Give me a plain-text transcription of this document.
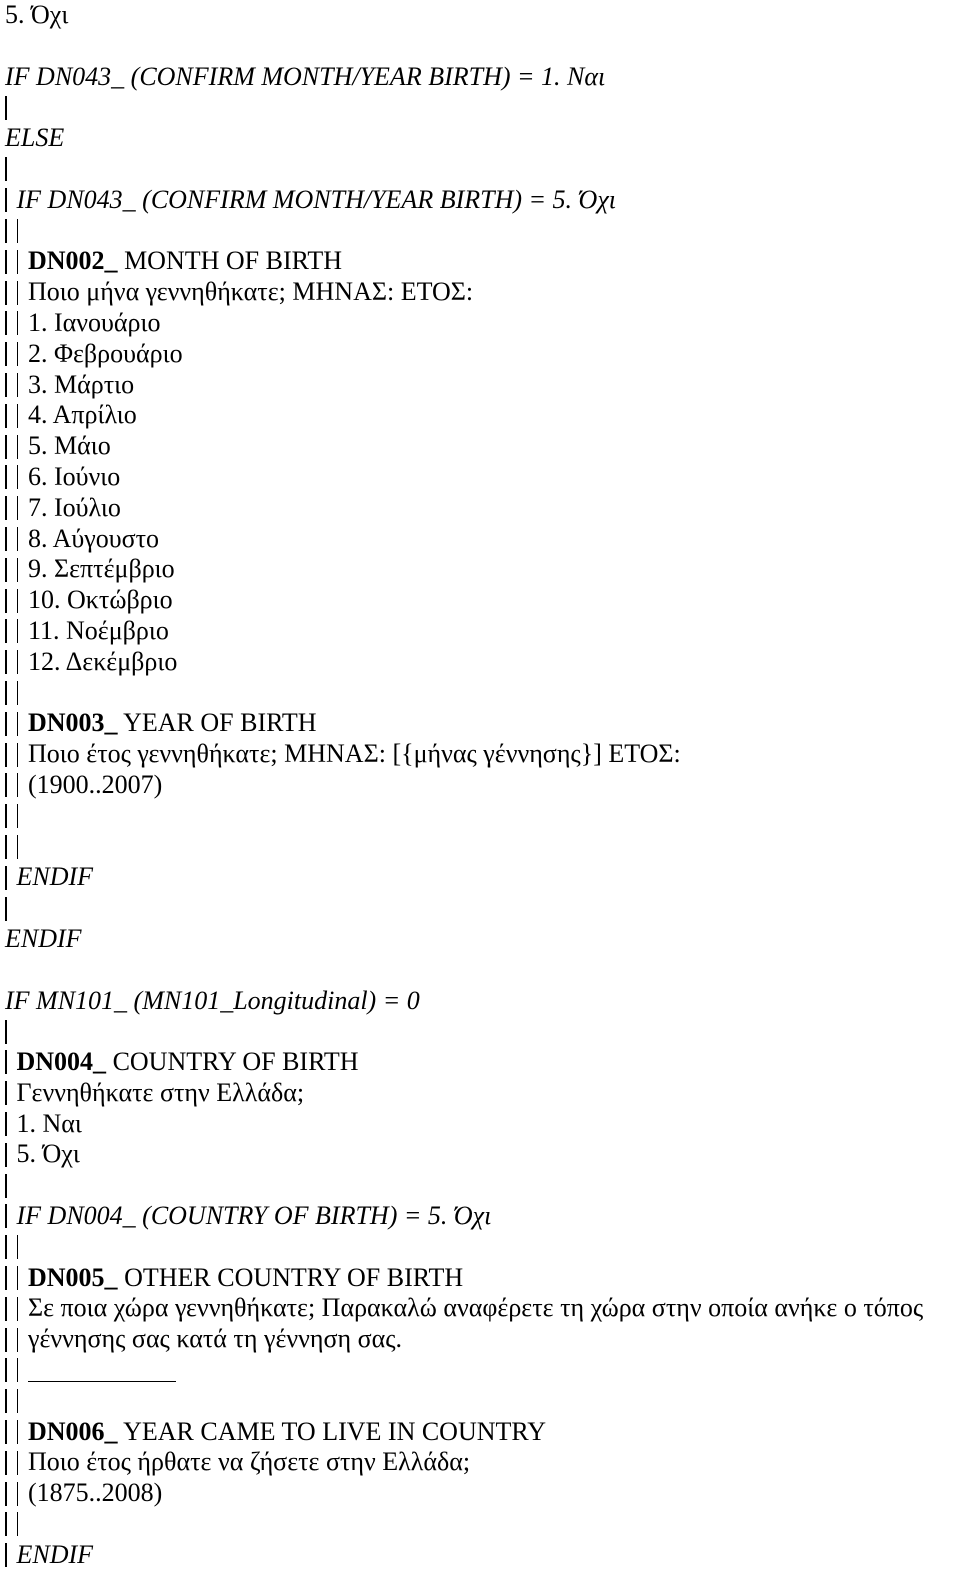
5. Όχι
IF DN043_ (CONFIRM MONTH/YEAR BIRTH) = 1. Ναι
ELSE
IF DN043_ (CONFIRM MONTH/YEAR BIRTH) = 5. Όχι
DN002_ MONTH OF BIRTH
Ποιο μήνα γεννηθήκατε; ΜΗΝΑΣ: ΕΤΟΣ:
1. Ιανουάριο
2. Φεβρουάριο
3. Μάρτιο
4. Απρίλιο
5. Μάιο
6. Ιούνιο
7. Ιούλιο
8. Αύγουστο
9. Σεπτέμβριο
10. Οκτώβριο
11. Νοέμβριο
12. Δεκέμβριο
DN003_ YEAR OF BIRTH
Ποιο έτος γεννηθήκατε; ΜΗΝΑΣ: [{μήνας γέννησης}] ΕΤΟΣ:
(1900..2007)
ENDIF
ENDIF
IF MN101_ (MN101_Longitudinal) = 0
DN004_ COUNTRY OF BIRTH
Γεννηθήκατε στην Ελλάδα;
1. Ναι
5. Όχι
IF DN004_ (COUNTRY OF BIRTH) = 5. Όχι
DN005_ OTHER COUNTRY OF BIRTH
Σε ποια χώρα γεννηθήκατε; Παρακαλώ αναφέρετε τη χώρα στην οποία ανήκε ο τόπος
γέννησης σας κατά τη γέννηση σας.
DN006_ YEAR CAME TO LIVE IN COUNTRY
Ποιο έτος ήρθατε να ζήσετε στην Ελλάδα;
(1875..2008)
ENDIF
